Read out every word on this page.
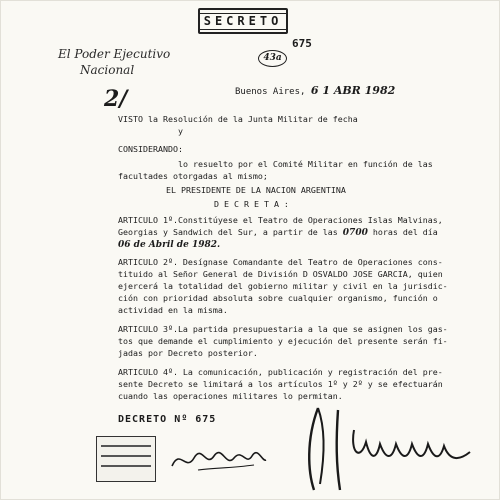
SECRETO
675
43a
El Poder Ejecutivo
Nacional
2/	Buenos Aires, 6 1 ABR 1982
VISTO la Resolución de la Junta Militar de fecha
y
CONSIDERANDO:
lo resuelto por el Comité Militar en función de las
facultades otorgadas al mismo;
EL PRESIDENTE DE LA NACION ARGENTINA
D E C R E T A :
ARTICULO 1º.Constitúyese el Teatro de Operaciones Islas Malvinas,
Georgias y Sandwich del Sur, a partir de las 0700 horas del día
06 de Abril de 1982.
ARTICULO 2º. Desígnase Comandante del Teatro de Operaciones cons-
tituido al Señor General de División D OSVALDO JOSE GARCIA, quien
ejercerá la totalidad del gobierno militar y civil en la jurisdic-
ción con prioridad absoluta sobre cualquier organismo, función o
actividad en la misma.
ARTICULO 3º.La partida presupuestaria a la que se asignen los gas-
tos que demande el cumplimiento y ejecución del presente serán fi-
jadas por Decreto posterior.
ARTICULO 4º. La comunicación, publicación y registración del pre-
sente Decreto se limitará a los artículos 1º y 2º y se efectuarán
cuando las operaciones militares lo permitan.
DECRETO Nº 675
